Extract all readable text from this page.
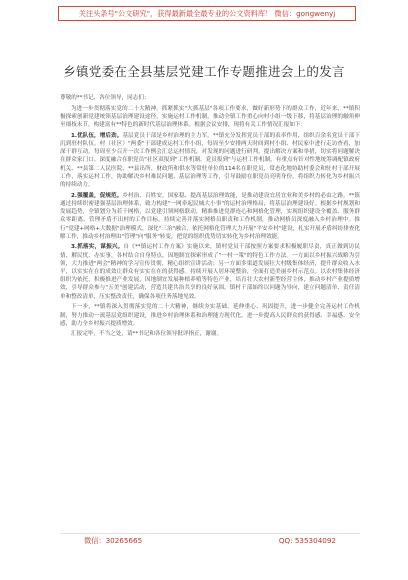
关注头条号"公文研究"，获得最新最全最专业的公文资料库！ 微信：gongwenyj
乡镇党委在全县基层党建工作专题推进会上的发言

尊敬的**书记，各位领导，同志们：

为进一步贯彻落实党的二十大精神，抓紧抓实"大抓基层"各项工作要求，做好新形势下的群众工作，近年来，**镇积极探索创新党建统领基层治理建设途径，实施运村工作机制，推动全镇工作重心向村小组一级下移，将基层治理的触角伸至细枝末节，构建富有**特色的新时代基层治理体系。根据会议安排，现将有关工作情况汇报如下：

1.优队伍，增后劲。基层党员干部是乡村治理的主力军。**镇充分发挥党员干部的表率作用，组织百余名党员干部下沉到驻村队伍。村（社区）"两委"干部建成运村工作小组，每周至少安排两天时间到村小组、村民家中进行走访查看，加深干群互动。每周至少召开一次工作例会汇总运村情况，对发现的问题进行研判，提出解决方案和举措，切实将问题解决在群众家门口。深度融合在职党员"社区双报到"工作机制，党员报到"与运村工作机制，有重点有针对性地统筹调配镇政府机关、**县第二人民医院、**县出所、财政所和供水等常驻单位的114名在职党员，常态化地协助村委会和驻村干部开展工作，落实运村工作，协助解决乡村难民问题、基层治理等工作，引导鼓励在职党员亮明身份，将组织力转化为乡村振兴的持续动力。

2.强覆盖，促规范。乡村治、百姓安。国家稳、提高基层治理效能，是推动建设宜居宜业和美乡村的必由之路。**镇通过持续织密建强基层治理体系，致力构建"一网牵起民城大小事"的运村治理格局，将基层治理建设好。根据乡村规划和发展趋势，全镇划分为若干网格，以党建引领网格联动，精准推进党群连心和网格化管理，实现组织建设全覆盖、服务群众零距离、管理矛盾不出村的工作目标。持续完善并落实网格员职责和工作机制，推动网格员深度融入乡村治理中。推行"党建+网格+大数据"治理模式，深化"三治"融合，依托网格化管理大力开展"平安乡村"建设，扎实开展矛盾纠纷排查化解工作，推动乡村治理由"管理"向"服务"转变，把党的组织优势切实转化为乡村治理效能。

3.抓落实，谋振兴。自《**镇运村工作方案》实施以来，镇村党员干部按照方案要求积极履职尽责，真正做到访民情、解民忧、办实事，各村结合自身特点，因地制宜探索形成了"一村一策"的特色工作方法。一方面以乡村振兴战略为引领，大力推进"两会"精神的学习宣传贯彻，精心组织宣讲活动；另一方面多渠道发展壮大村级集体经济，提升群众收入水平，以实实在在的成效让群众有实实在在的获得感。持续开展人居环境整治，全面打造美丽乡村示范点。以农村集体经济组织为依托，积极推进产业发展，因地制宜发展种植养殖等特色产业，培育壮大农村新型经营主体，推动乡村产业提质增效，引导群众参与"五美"创建活动，营造共建共治共享的良好氛围，镇村干部始终以问题为导向，建立问题清单、责任清单和整改清单，压实整改责任，确保各项任务落地见效。

下一步，**镇将深入贯彻落实党的二十大精神，继续夯实基础、延伸重心、巩固提升，进一步健全完善运村工作机制，努力推动一流基层党组织建设，推进乡村治理体系和治理能力现代化，进一步提高人民群众的获得感、幸福感、安全感，助力全乡村振兴提质增效。

汇报完毕，不当之处，请**书记和各位领导批评指正，谢谢。

微信：30265665	QQ: 535304092
